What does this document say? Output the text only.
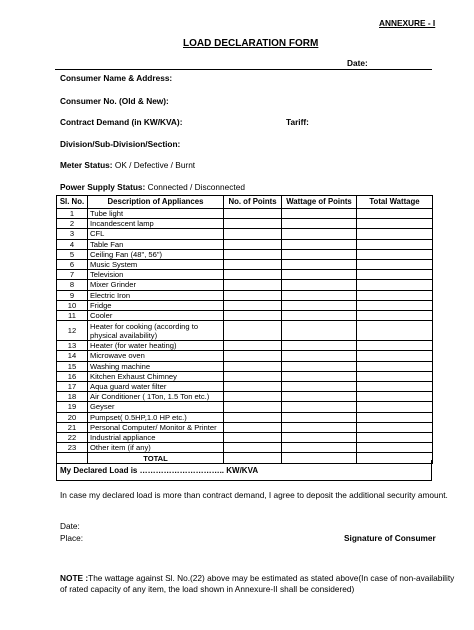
ANNEXURE - I
LOAD DECLARATION FORM
Date:
Consumer Name & Address:
Consumer No. (Old & New):
Contract Demand (in KW/KVA):	Tariff:
Division/Sub-Division/Section:
Meter Status: OK / Defective / Burnt
Power Supply Status: Connected / Disconnected
Sl. No.	Description of Appliances	No. of Points	Wattage of Points	Total Wattage
1	Tube light			
2	Incandescent lamp			
3	CFL			
4	Table Fan			
5	Ceiling Fan (48", 56")			
6	Music System			
7	Television			
8	Mixer Grinder			
9	Electric Iron			
10	Fridge			
11	Cooler			
12	Heater for cooking (according to physical availability)			
13	Heater (for water heating)			
14	Microwave oven			
15	Washing machine			
16	Kitchen Exhaust Chimney			
17	Aqua guard water filter			
18	Air Conditioner ( 1Ton, 1.5 Ton etc.)			
19	Geyser			
20	Pumpset( 0.5HP,1.0 HP etc.)			
21	Personal Computer/ Monitor & Printer			
22	Industrial appliance			
23	Other item (if any)			
	TOTAL			
My Declared Load is ………………………….. KW/KVA
In case my declared load is more than contract demand, I agree to deposit the additional security amount.
Date:
Place:	Signature of Consumer
NOTE :The wattage against Sl. No.(22) above may be estimated as stated above(In case of non-availability
of rated capacity of any item, the load shown in Annexure-II shall be considered)
